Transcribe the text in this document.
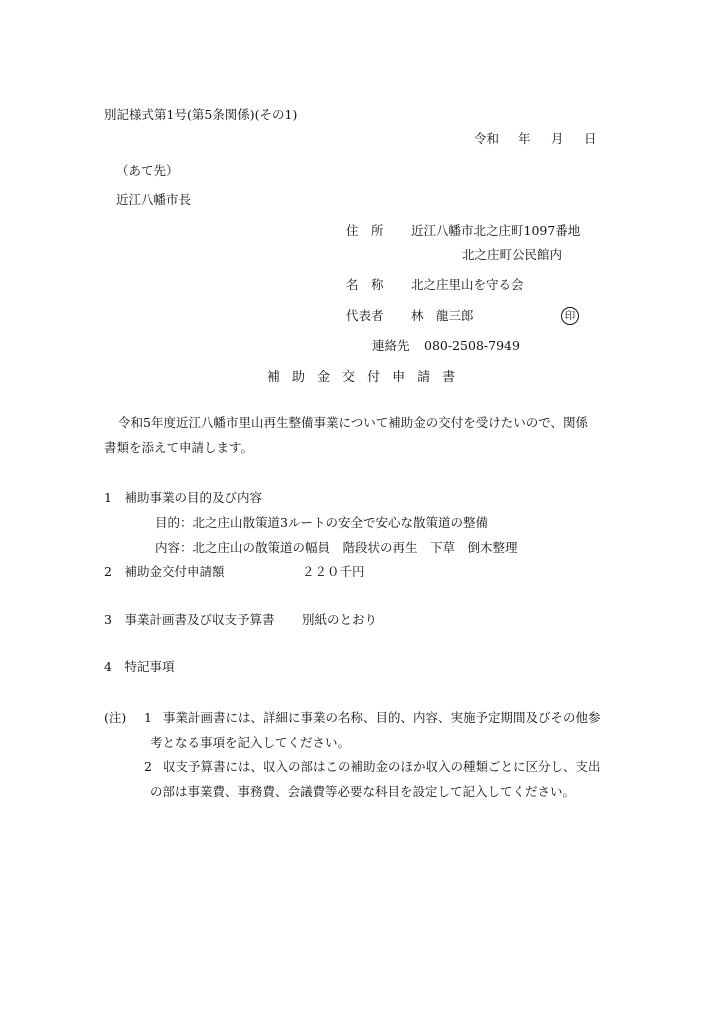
別記様式第1号(第5条関係)(その1)
令和 年 月 日
（あて先）
近江八幡市長
住　所 近江八幡市北之庄町1097番地
北之庄町公民館内
名　称 北之庄里山を守る会
代表者 林　龍三郎	印
連絡先 080-2508-7949
補 助 金 交 付 申 請 書
令和5年度近江八幡市里山再生整備事業について補助金の交付を受けたいので、関係
書類を添えて申請します。
1　補助事業の目的及び内容
目的：北之庄山散策道3ルートの安全で安心な散策道の整備
内容：北之庄山の散策道の幅員　階段状の再生　下草　倒木整理
2　補助金交付申請額	２２０千円
3　事業計画書及び収支予算書 別紙のとおり
4　特記事項
(注) 1 事業計画書には、詳細に事業の名称、目的、内容、実施予定期間及びその他参
考となる事項を記入してください。
2 収支予算書には、収入の部はこの補助金のほか収入の種類ごとに区分し、支出
の部は事業費、事務費、会議費等必要な科目を設定して記入してください。
